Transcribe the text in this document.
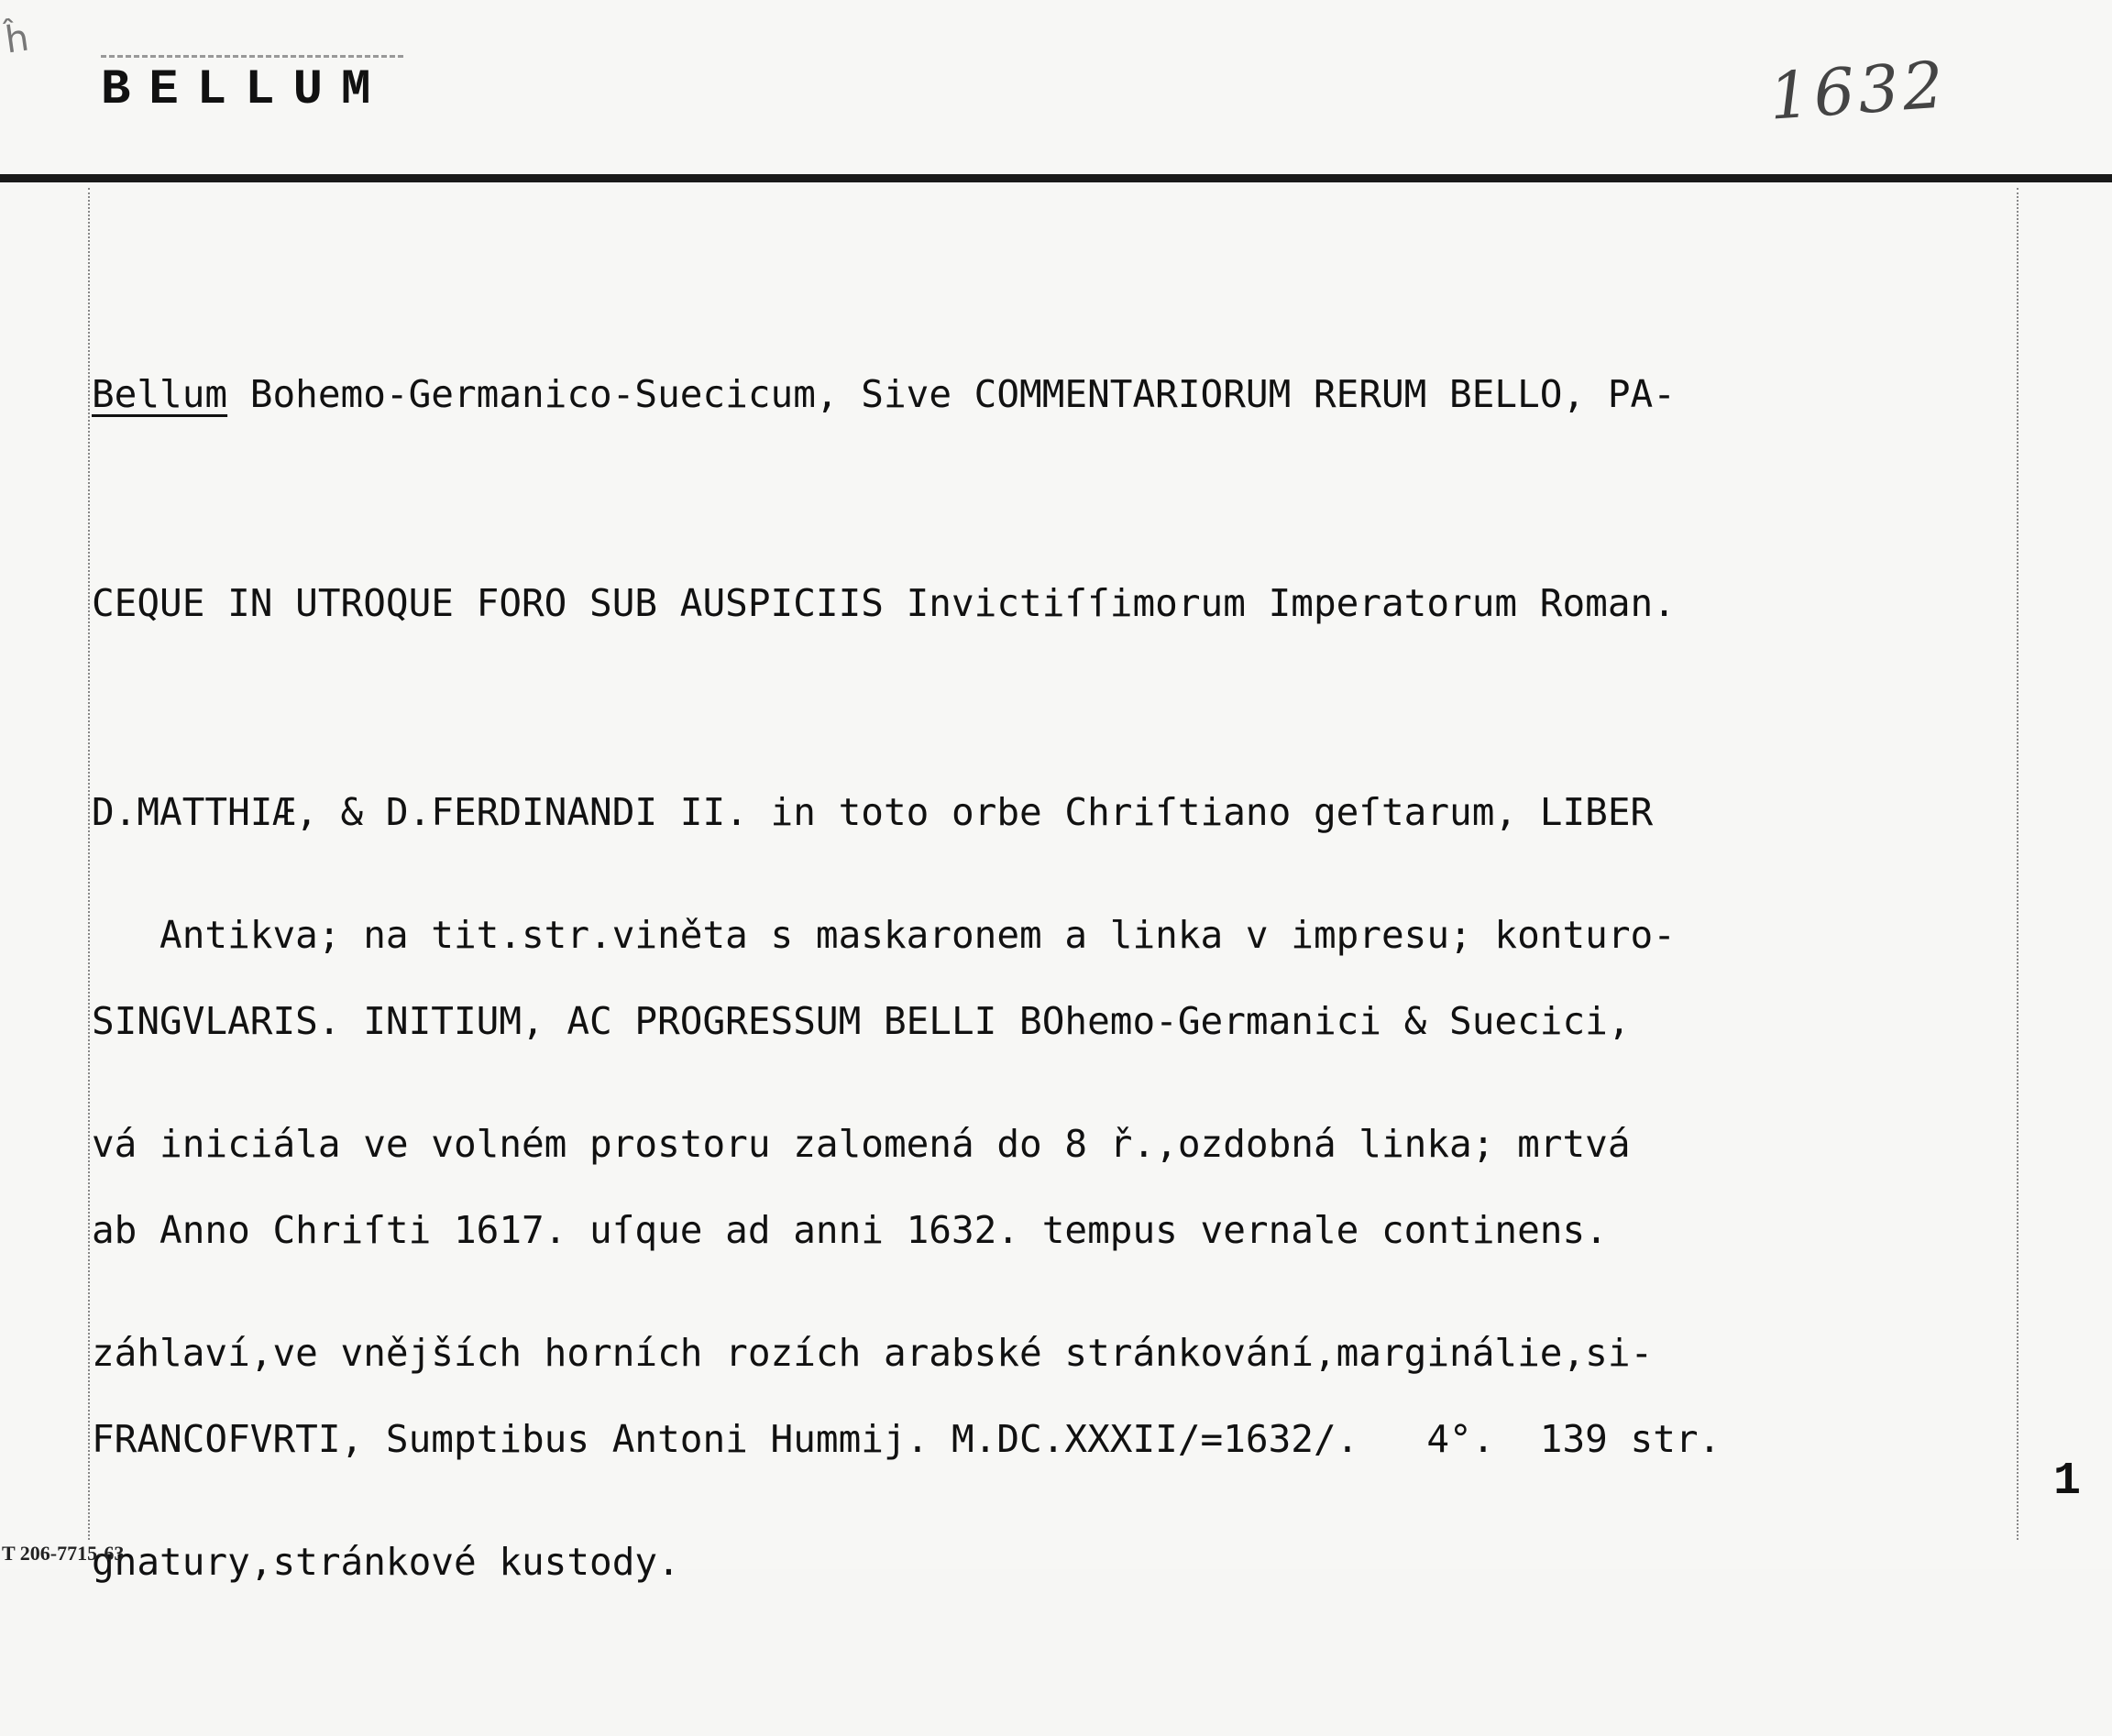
ĥ
BELLUM	1632

Bellum Bohemo-Germanico-Suecicum, Sive COMMENTARIORUM RERUM BELLO, PA-

CEQUE IN UTROQUE FORO SUB AUSPICIIS Invictiſſimorum Imperatorum Roman.

D.MATTHIÆ, & D.FERDINANDI II. in toto orbe Chriſtiano geſtarum, LIBER

SINGVLARIS. INITIUM, AC PROGRESSUM BELLI BOhemo-Germanici & Suecici,

ab Anno Chriſti 1617. uſque ad anni 1632. tempus vernale continens.

FRANCOFVRTI, Sumptibus Antoni Hummij. M.DC.XXXII/=1632/.   4°.  139 str.

Antikva; na tit.str.viněta s maskaronem a linka v impresu; konturo-

vá iniciála ve volném prostoru zalomená do 8 ř.,ozdobná linka; mrtvá

záhlaví,ve vnějších horních rozích arabské stránkování,marginálie,si-

gnatury,stránkové kustody.

1
T 206-7715-63
